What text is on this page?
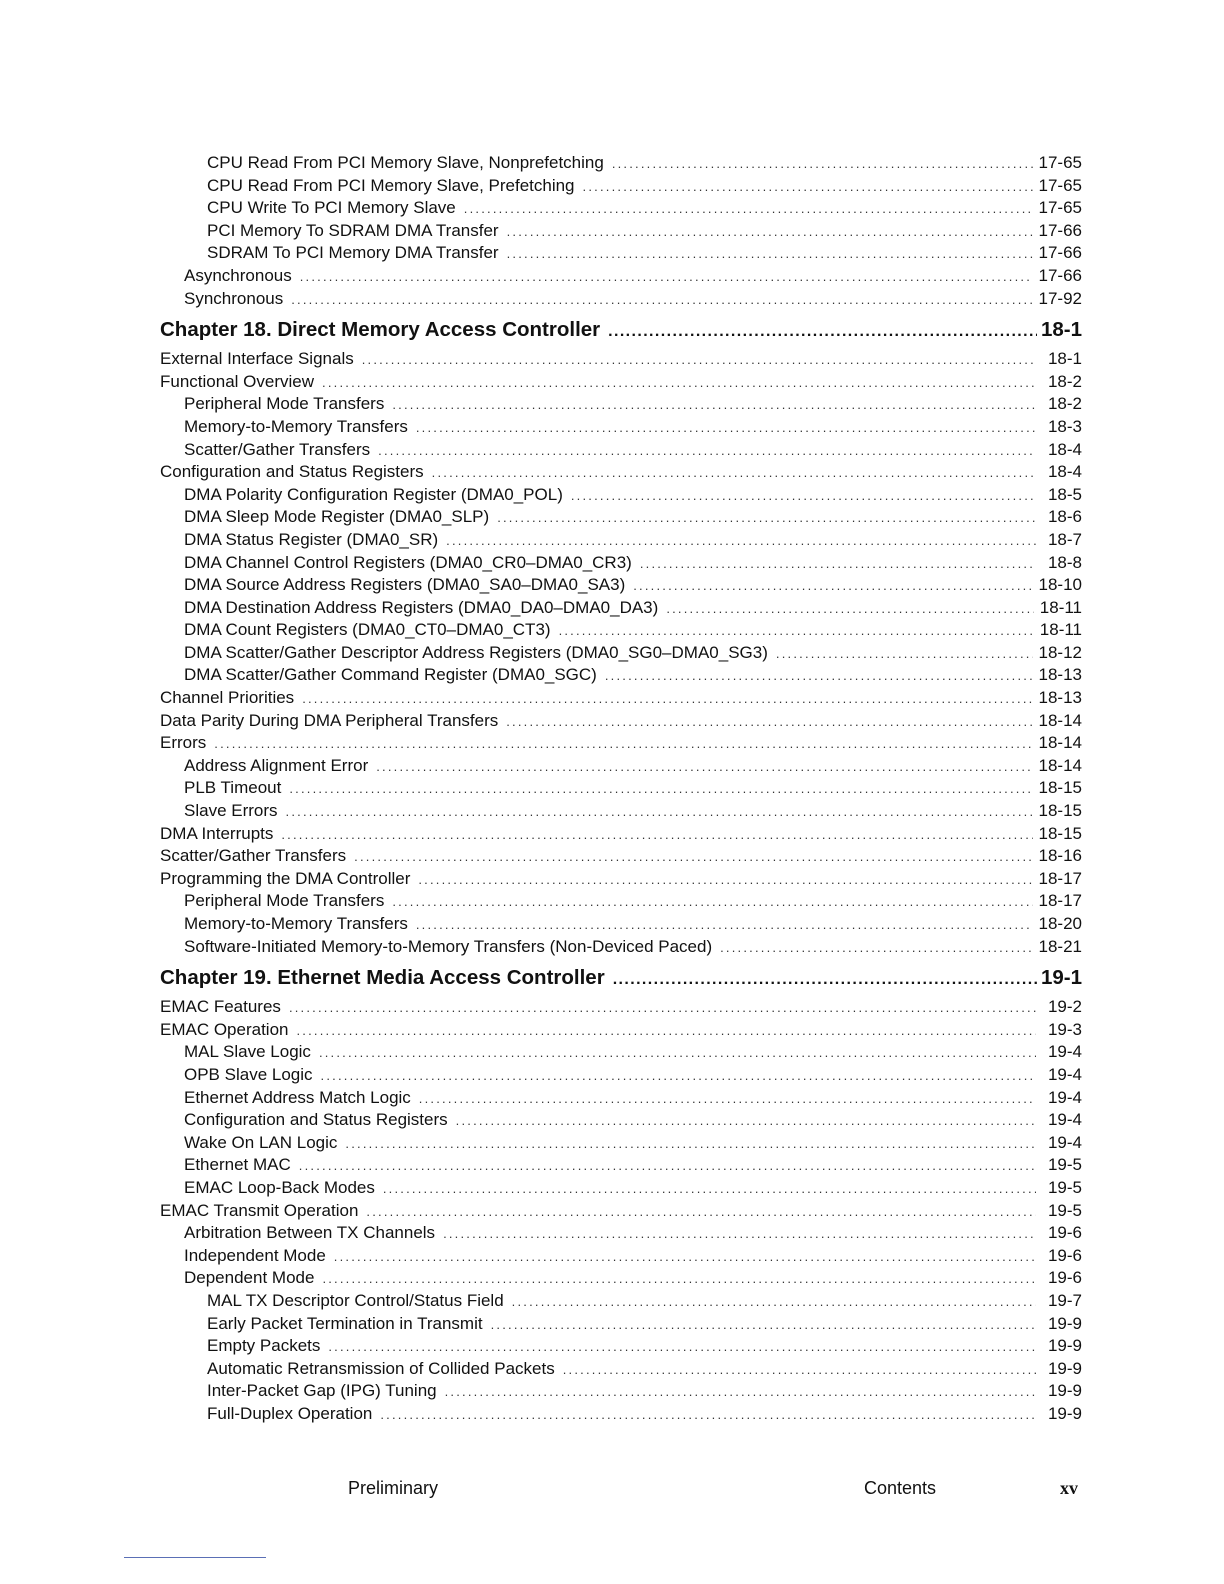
CPU Read From PCI Memory Slave, Nonprefetching .....	17-65
CPU Read From PCI Memory Slave, Prefetching .....	17-65
CPU Write To PCI Memory Slave .....	17-65
PCI Memory To SDRAM DMA Transfer .....	17-66
SDRAM To PCI Memory DMA Transfer .....	17-66
Asynchronous .....	17-66
Synchronous .....	17-92
Chapter 18. Direct Memory Access Controller .....	18-1
External Interface Signals .....	18-1
Functional Overview .....	18-2
Peripheral Mode Transfers .....	18-2
Memory-to-Memory Transfers .....	18-3
Scatter/Gather Transfers .....	18-4
Configuration and Status Registers .....	18-4
DMA Polarity Configuration Register (DMA0_POL) .....	18-5
DMA Sleep Mode Register (DMA0_SLP) .....	18-6
DMA Status Register (DMA0_SR) .....	18-7
DMA Channel Control Registers (DMA0_CR0–DMA0_CR3) .....	18-8
DMA Source Address Registers (DMA0_SA0–DMA0_SA3) .....	18-10
DMA Destination Address Registers (DMA0_DA0–DMA0_DA3) .....	18-11
DMA Count Registers (DMA0_CT0–DMA0_CT3) .....	18-11
DMA Scatter/Gather Descriptor Address Registers (DMA0_SG0–DMA0_SG3) .....	18-12
DMA Scatter/Gather Command Register (DMA0_SGC) .....	18-13
Channel Priorities .....	18-13
Data Parity During DMA Peripheral Transfers .....	18-14
Errors .....	18-14
Address Alignment Error .....	18-14
PLB Timeout .....	18-15
Slave Errors .....	18-15
DMA Interrupts .....	18-15
Scatter/Gather Transfers .....	18-16
Programming the DMA Controller .....	18-17
Peripheral Mode Transfers .....	18-17
Memory-to-Memory Transfers .....	18-20
Software-Initiated Memory-to-Memory Transfers (Non-Deviced Paced) .....	18-21
Chapter 19. Ethernet Media Access Controller .....	19-1
EMAC Features .....	19-2
EMAC Operation .....	19-3
MAL Slave Logic .....	19-4
OPB Slave Logic .....	19-4
Ethernet Address Match Logic .....	19-4
Configuration and Status Registers .....	19-4
Wake On LAN Logic .....	19-4
Ethernet MAC .....	19-5
EMAC Loop-Back Modes .....	19-5
EMAC Transmit Operation .....	19-5
Arbitration Between TX Channels .....	19-6
Independent Mode .....	19-6
Dependent Mode .....	19-6
MAL TX Descriptor Control/Status Field .....	19-7
Early Packet Termination in Transmit .....	19-9
Empty Packets .....	19-9
Automatic Retransmission of Collided Packets .....	19-9
Inter-Packet Gap (IPG) Tuning .....	19-9
Full-Duplex Operation .....	19-9
Preliminary	Contents	xv
